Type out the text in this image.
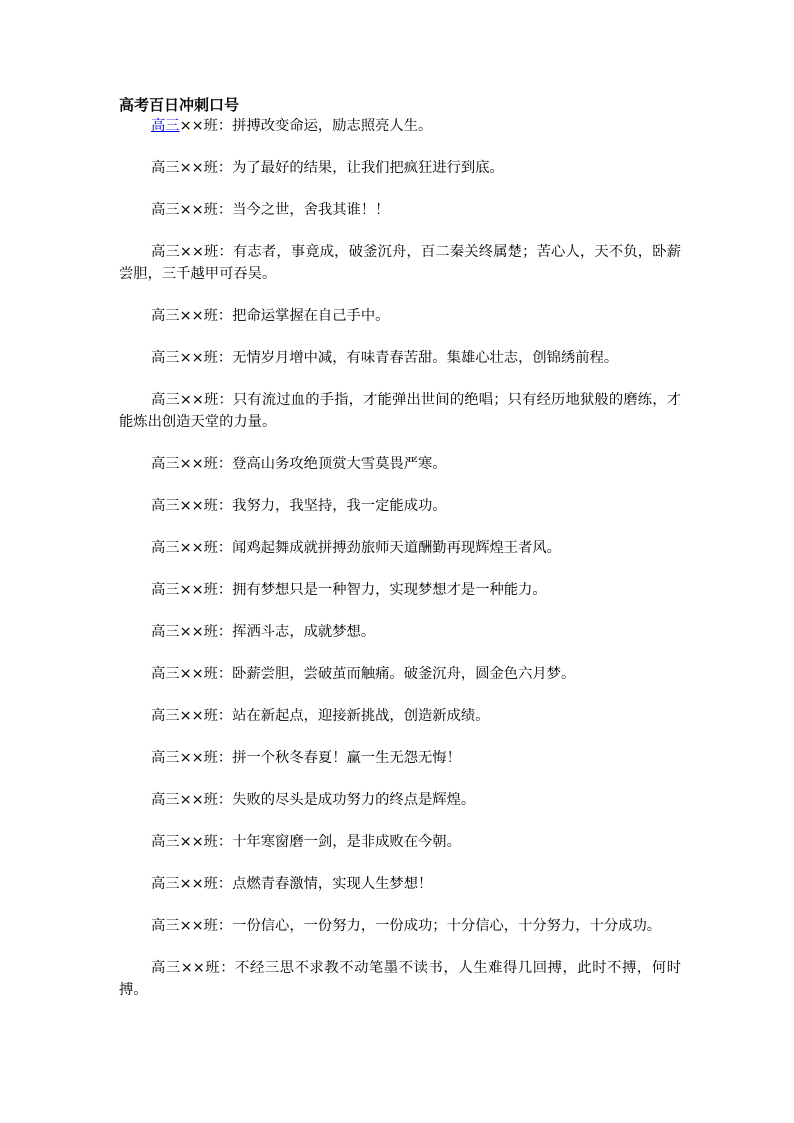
高考百日冲刺口号

高三××班：拼搏改变命运，励志照亮人生。

高三××班：为了最好的结果，让我们把疯狂进行到底。

高三××班：当今之世，舍我其谁！！

高三××班：有志者，事竟成，破釜沉舟，百二秦关终属楚；苦心人，天不负，卧薪尝胆，三千越甲可吞吴。

高三××班：把命运掌握在自己手中。

高三××班：无情岁月增中减，有味青春苦甜。集雄心壮志，创锦绣前程。

高三××班：只有流过血的手指，才能弹出世间的绝唱；只有经历地狱般的磨练，才能炼出创造天堂的力量。

高三××班：登高山务攻绝顶赏大雪莫畏严寒。

高三××班：我努力，我坚持，我一定能成功。

高三××班：闻鸡起舞成就拼搏劲旅师天道酬勤再现辉煌王者风。

高三××班：拥有梦想只是一种智力，实现梦想才是一种能力。

高三××班：挥洒斗志，成就梦想。

高三××班：卧薪尝胆，尝破茧而触痛。破釜沉舟，圆金色六月梦。

高三××班：站在新起点，迎接新挑战，创造新成绩。

高三××班：拼一个秋冬春夏！赢一生无怨无悔！

高三××班：失败的尽头是成功努力的终点是辉煌。

高三××班：十年寒窗磨一剑，是非成败在今朝。

高三××班：点燃青春激情，实现人生梦想！

高三××班：一份信心，一份努力，一份成功；十分信心，十分努力，十分成功。

高三××班：不经三思不求教不动笔墨不读书，人生难得几回搏，此时不搏，何时搏。
